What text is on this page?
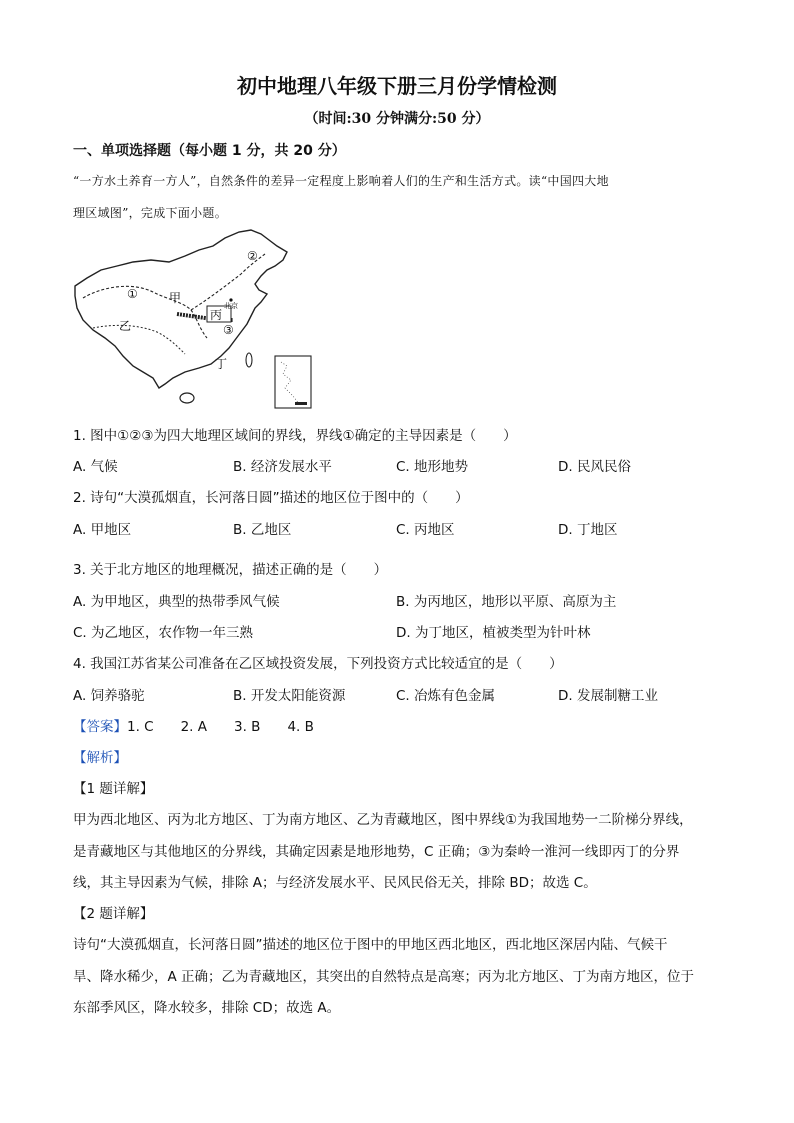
初中地理八年级下册三月份学情检测
（时间:30 分钟满分:50 分）
一、单项选择题（每小题 1 分，共 20 分）
“一方水土养育一方人”，自然条件的差异一定程度上影响着人们的生产和生活方式。读“中国四大地
理区域图”，完成下面小题。
①
②
③
甲
乙
丙
丁
北京
1. 图中①②③为四大地理区域间的界线，界线①确定的主导因素是（　　）
A. 气候	B. 经济发展水平	C. 地形地势	D. 民风民俗
2. 诗句“大漠孤烟直，长河落日圆”描述的地区位于图中的（　　）
A. 甲地区	B. 乙地区	C. 丙地区	D. 丁地区
3. 关于北方地区的地理概况，描述正确的是（　　）
A. 为甲地区，典型的热带季风气候	B. 为丙地区，地形以平原、高原为主
C. 为乙地区，农作物一年三熟	D. 为丁地区，植被类型为针叶林
4. 我国江苏省某公司准备在乙区域投资发展，下列投资方式比较适宜的是（　　）
A. 饲养骆驼	B. 开发太阳能资源	C. 冶炼有色金属	D. 发展制糖工业
【答案】1. C　　2. A　　3. B　　4. B
【解析】
【1 题详解】
甲为西北地区、丙为北方地区、丁为南方地区、乙为青藏地区，图中界线①为我国地势一二阶梯分界线，
是青藏地区与其他地区的分界线，其确定因素是地形地势，C 正确；③为秦岭一淮河一线即丙丁的分界
线，其主导因素为气候，排除 A；与经济发展水平、民风民俗无关，排除 BD；故选 C。
【2 题详解】
诗句“大漠孤烟直，长河落日圆”描述的地区位于图中的甲地区西北地区，西北地区深居内陆、气候干
旱、降水稀少，A 正确；乙为青藏地区，其突出的自然特点是高寒；丙为北方地区、丁为南方地区，位于
东部季风区，降水较多，排除 CD；故选 A。
